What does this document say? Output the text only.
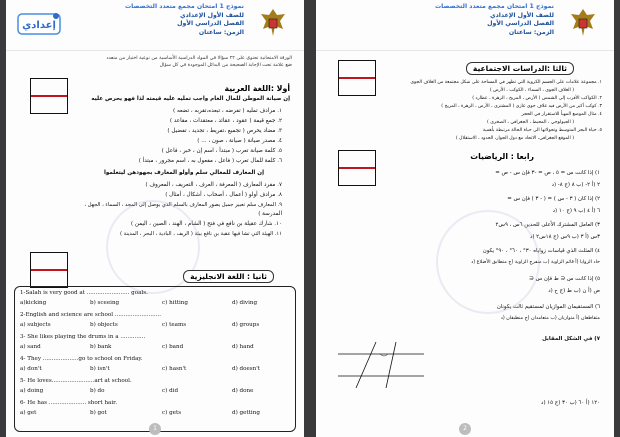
نموذج 1 امتحان مجمع متعدد التخصصات
للصف الأول الإعدادي
الفصل الدراسي الأول
الزمن: ساعتان
إعدادي
الورقة الامتحانية تحتوي على ٢٢ سؤالا في المواد الدراسية الأساسية من نوعية اختيار من متعدد
ضع علامة تحت الإجابة الصحيحة من البدائل الموجودة في كل سؤال
أولا :اللغة العربية
إن صيانة الموطن للمال العام واجب تمليه عليه قيمته لذا فهو يحرص عليه
١. مرادف تمليه ( تفرضه ، تبعده،تقربه ، تضعه )
٢. جمع قيمة ( عقود ، عقائد ، معتقدات ، مقاعد )
٣. مضاد يحرص ( تجميع ،تفريط ، تجديد ، تفضيل )
٤. مصدر صيانة ( صيانة ، صون ، ... )
٥. كلمة صيانة تعرب ( مبتدأ ، اسم إن ، خبر ، فاعل )
٦. كلمة للمال تعرب ( فاعل ، مفعول به ، اسم مجرور ، مبتدأ )
إن المعارف للمعالي سلم وأولو المعارف بجهودهن ليتعلموا
٧. مفرد المعارف ( المعرفة ، العرف ، التعريف ، المعروف )
٨. مرادف أولو ( أعمال ، أصحاب ، أشكال ، أمثال )
٩. المعارف سلم تعبير جميل يصور المعارف بالسلم الذي يوصل إلى المجد ، السماء ، الجهل ،
المدرسة )
١٠. شارك عقيلة بن نافع في فتح ( الشام ، الهند ، الصين ، اليمن )
١١. الهيئة التي تشا فيها عقبة بن نافع بيئة ( الريف ، البادية ، البحر ، المدينة )
ثانيا : اللغة الانجليزية
1-Salah is very good at ........................ goals.
a)kicking	b) sceeing	c) hitting	d) diving
2-English and science are school ..........................
a) subjects	b) objects	c) teams	d) groups
3- She likes playing the drums in a ..............
a) sand	b) bank	c) band	d) hand
4- They ....................go to school on Friday.
a) don't	b) isn't	c) hasn't	d) doesn't
5- He loves........................art at school.
a) doing	b) do	c) did	d) done
6- He has ..................... short hair.
a) get	b) got	c) gets	d) getting
1
نموذج 1 امتحان مجمع متعدد التخصصات
للصف الأول الإعدادي
الفصل الدراسي الأول
الزمن: ساعتان
ثالثا :الدراسات الاجتماعية
١. مجموعة علامات على الجسم الكروية التي تظهر في المساحة على شكل مجتمعة من الغلاف الجوي
( الغلاف الجوي ، السماء ، الكوكب ، الأرض )
٢. الكواكب الأقرب إلى الشمس ( الأرض ، المريخ ، الزهرة ، عطارد )
٣. كوكب أكبر من الأرض فيه غلاف جوي غازي ( المشتري ، الأرض ، الزهرة ، المريخ )
٤. مثال الموضع المهيأ للاستقرار في الحجر
( الجيولوجي ، المحيط ، الجغرافي ، الصخري )
٥. حياة البحر المتوسط وتحولاتها الى حياة الحالة مرتبطة بأهمية
( الموقع الجغرافي، الاتحاد مع دول الجوار، الحدود ، الاستقلال )
رابعا : الرياضيات
١) إذا كانت س = ٥ ، ص = -٣ فإن س - ص =
٢ (أ ٢- (ب ٨ (ج ٨- (د
٢) إذا كان ( ٣ - س ) = ( - ٣ ) فإن س =
٦ (أ ٤ (ب ٩ (ج ١٠ (د
٣) العامل المشترك الأعلى للحدين ٦س ، ٩س٢
٣س (أ ٣ (ب ٩س (ج ١٨س٢ (د
٤) المثلث الذي قياسات زواياه ٣٠° ، ٦٠° ، ٩٠° يكون
حاد الزوايا (أ قائم الزاوية (ب منفرج الزاوية (ج متطابق الأضلاع (د
٥) إذا كانت س ∈ ط فإن س ∈
ص (أ ن (ب ط (ج ح (د
٦) المستقيمان الموازيان لمستقيم ثالث يكونان
متقاطعان (أ متوازيان (ب متعامدان (ج منطبقان (د
٧) في الشكل المقابل
١٢٠ (أ ٦٠ (ب ٣٠ (ج ١٥ (د
2
